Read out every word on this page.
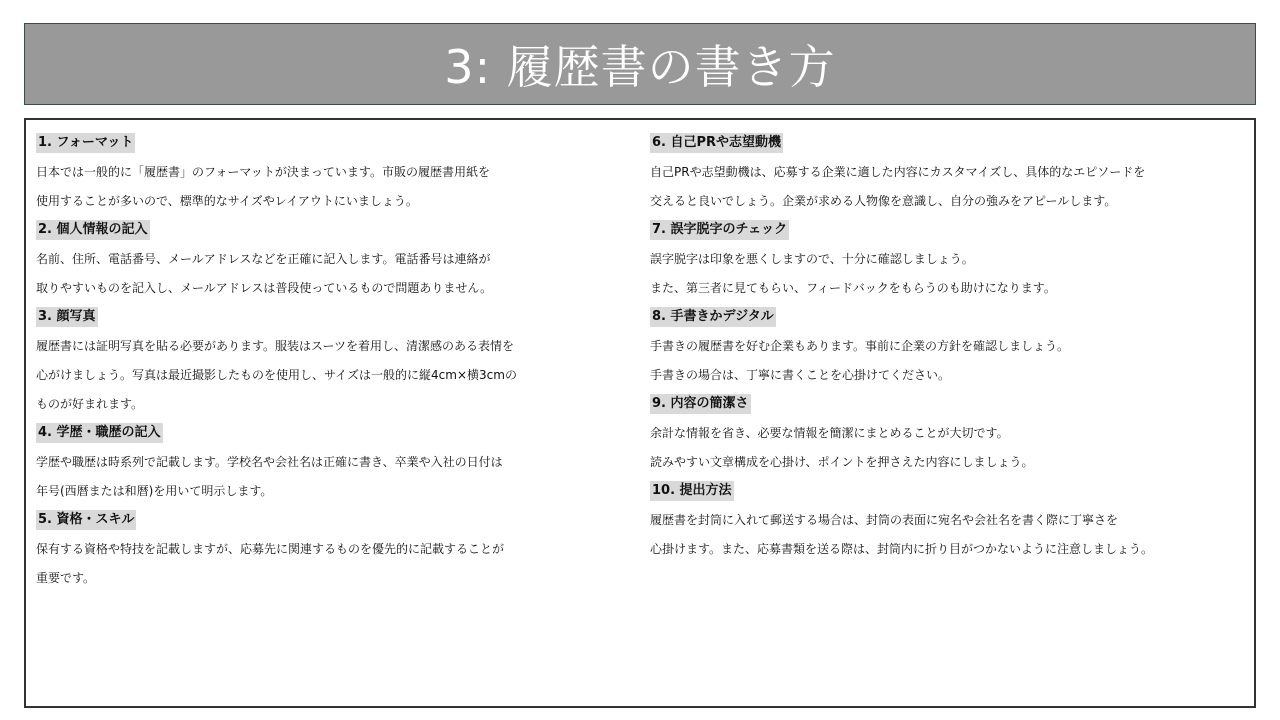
3: 履歴書の書き方
1. フォーマット
日本では一般的に「履歴書」のフォーマットが決まっています。市販の履歴書用紙を
使用することが多いので、標準的なサイズやレイアウトにいましょう。
2. 個人情報の記入
名前、住所、電話番号、メールアドレスなどを正確に記入します。電話番号は連絡が
取りやすいものを記入し、メールアドレスは普段使っているもので問題ありません。
3. 顔写真
履歴書には証明写真を貼る必要があります。服装はスーツを着用し、清潔感のある表情を
心がけましょう。写真は最近撮影したものを使用し、サイズは一般的に縦4cm×横3cmの
ものが好まれます。
4. 学歴・職歴の記入
学歴や職歴は時系列で記載します。学校名や会社名は正確に書き、卒業や入社の日付は
年号(西暦または和暦)を用いて明示します。
5. 資格・スキル
保有する資格や特技を記載しますが、応募先に関連するものを優先的に記載することが
重要です。
6. 自己PRや志望動機
自己PRや志望動機は、応募する企業に適した内容にカスタマイズし、具体的なエピソードを
交えると良いでしょう。企業が求める人物像を意識し、自分の強みをアピールします。
7. 誤字脱字のチェック
誤字脱字は印象を悪くしますので、十分に確認しましょう。
また、第三者に見てもらい、フィードバックをもらうのも助けになります。
8. 手書きかデジタル
手書きの履歴書を好む企業もあります。事前に企業の方針を確認しましょう。
手書きの場合は、丁寧に書くことを心掛けてください。
9. 内容の簡潔さ
余計な情報を省き、必要な情報を簡潔にまとめることが大切です。
読みやすい文章構成を心掛け、ポイントを押さえた内容にしましょう。
10. 提出方法
履歴書を封筒に入れて郵送する場合は、封筒の表面に宛名や会社名を書く際に丁寧さを
心掛けます。また、応募書類を送る際は、封筒内に折り目がつかないように注意しましょう。
